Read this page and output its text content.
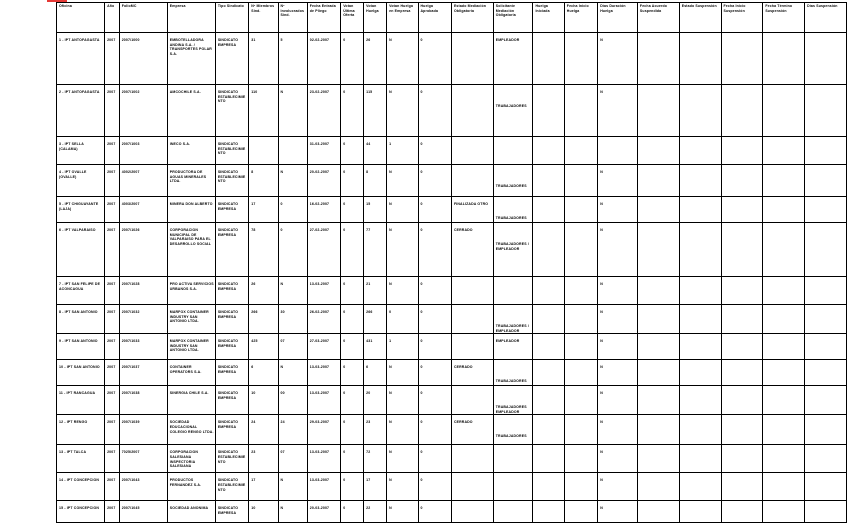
Oficina	Año	FolioMC	Empresa	Tipo Sindicato	Nº Miembros Sind.	Nº Involucrados Sind.	Fecha Entrada de Pliego	Votan Última Oferta	Votan Huelga	Votan Huelga en Empresa	Huelga Aprobada	Estado Mediación Obligatoria	Solicitante Mediación Obligatoria	Huelga Iniciada	Fecha Inicio Huelga	Días Duración Huelga	Fecha Acuerdo Suspendida	Estado Suspensión	Fecha Inicio Suspensión	Fecha Término Suspensión	Días Suspensión
1 - IPT ANTOFAGASTA	2007	2007/1000	EMBOTELLADORA ANDINA S.A. / TRANSPORTES POLAR S.A.	SINDICATO EMPRESA	31	5	02-02-2007	0	26	N	0		EMPLEADOR			N					
2 - IPT ANTOFAGASTA	2007	2007/1002	AMCOCHILE S.A.	SINDICATO ESTABLECIMIENTO	110	N	23-02-2007	0	115	N	0		TRABAJADORES			N					
3 - IPT SELLA (CALAMA)	2007	2007/1003	INECO S.A.	SINDICATO ESTABLECIMIENTO			31-03-2007	0	44	1	0										
4 - IPT OVALLE (OVALLE)	2007	4002/2007	PRODUCTORA DE AGUAS MINERALES LTDA.	SINDICATO ESTABLECIMIENTO	8	N	20-02-2007	0	8	N	0		TRABAJADORES			N					
5 - IPT CHIGUAYANTE (LAJA)	2007	4003/2007	MINERA DON ALBERTO	SINDICATO EMPRESA	17	0	16-02-2007	0	15	N	0	FINALIZADA OTRO	TRABAJADORES			N					
6 - IPT VALPARAISO	2007	2007/1026	CORPORACION MUNICIPAL DE VALPARAISO PARA EL DESARROLLO SOCIAL	SINDICATO EMPRESA	78	0	27-02-2007	0	77	N	0	CERRADO	TRABAJADORES / EMPLEADOR			N					
7 - IPT SAN FELIPE DE ACONCAGUA	2007	2007/1028	PRO ACTIVA SERVICIOS URBANOS S.A.	SINDICATO EMPRESA	26	N	13-03-2007	0	21	N	0					N					
8 - IPT SAN ANTONIO	2007	2007/1032	MARFOX CONTAINER INDUSTRY SAN ANTONIO LTDA.	SINDICATO EMPRESA	266	30	26-02-2007	0	266	0	0		TRABAJADORES / EMPLEADOR			N					
9 - IPT SAN ANTONIO	2007	2007/1033	MARFOX CONTAINER INDUSTRY SAN ANTONIO LTDA.	SINDICATO EMPRESA	425	07	27-03-2007	0	431	1	0		EMPLEADOR			N					
10 - IPT SAN ANTONIO	2007	2007/1037	CONTAINER OPERATORS S.A.	SINDICATO EMPRESA	6	N	13-03-2007	0	6	N	0	CERRADO	TRABAJADORES			N					
11 - IPT RANCAGUA	2007	2007/1038	SINERGIA CHILE S.A.	SINDICATO EMPRESA	10	00	13-03-2007	0	20	N	0		TRABAJADORES EMPLEADOR			N					
12 - IPT RENGO	2007	2007/1039	SOCIEDAD EDUCACIONAL COLEGIO RENGO LTDA.	SINDICATO EMPRESA	24	24	29-03-2007	0	23	N	0	CERRADO	TRABAJADORES			N					
13 - IPT TALCA	2007	7025/2007	CORPORACION SALESIANA INSPECTORIA SALESIANA	SINDICATO ESTABLECIMIENTO	23	07	13-03-2007	0	72	N	0					N					
14 - IPT CONCEPCION	2007	2007/1043	PRODUCTOS FERNANDEZ S.A.	SINDICATO ESTABLECIMIENTO	17	N	13-03-2007	0	17	N	0					N					
15 - IPT CONCEPCION	2007	2007/1045	SOCIEDAD ANONIMA	SINDICATO EMPRESA	10	N	20-03-2007	0	22	N	0					N					
